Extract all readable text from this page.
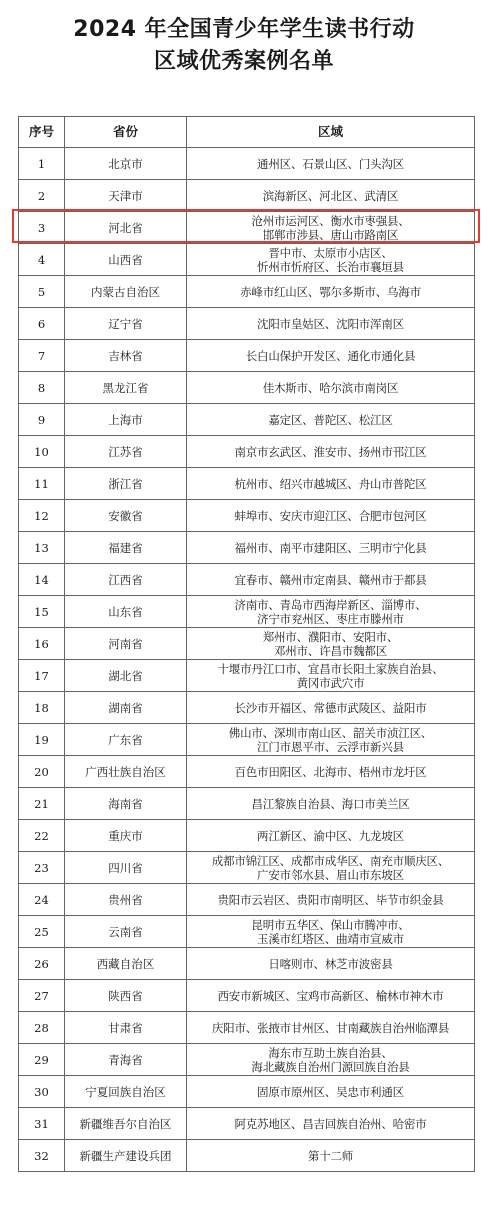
2024 年全国青少年学生读书行动
区域优秀案例名单
序号	省份	区域
1	北京市	通州区、石景山区、门头沟区

2	天津市	滨海新区、河北区、武清区

3	河北省	沧州市运河区、衡水市枣强县、
邯郸市涉县、唐山市路南区

4	山西省	晋中市、太原市小店区、
忻州市忻府区、长治市襄垣县

5	内蒙古自治区	赤峰市红山区、鄂尔多斯市、乌海市

6	辽宁省	沈阳市皇姑区、沈阳市浑南区

7	吉林省	长白山保护开发区、通化市通化县

8	黑龙江省	佳木斯市、哈尔滨市南岗区

9	上海市	嘉定区、普陀区、松江区

10	江苏省	南京市玄武区、淮安市、扬州市邗江区

11	浙江省	杭州市、绍兴市越城区、舟山市普陀区

12	安徽省	蚌埠市、安庆市迎江区、合肥市包河区

13	福建省	福州市、南平市建阳区、三明市宁化县

14	江西省	宜春市、赣州市定南县、赣州市于都县

15	山东省	济南市、青岛市西海岸新区、淄博市、
济宁市兖州区、枣庄市滕州市

16	河南省	郑州市、濮阳市、安阳市、
邓州市、许昌市魏都区

17	湖北省	十堰市丹江口市、宜昌市长阳土家族自治县、
黄冈市武穴市

18	湖南省	长沙市开福区、常德市武陵区、益阳市

19	广东省	佛山市、深圳市南山区、韶关市浈江区、
江门市恩平市、云浮市新兴县

20	广西壮族自治区	百色市田阳区、北海市、梧州市龙圩区

21	海南省	昌江黎族自治县、海口市美兰区

22	重庆市	两江新区、渝中区、九龙坡区

23	四川省	成都市锦江区、成都市成华区、南充市顺庆区、
广安市邻水县、眉山市东坡区

24	贵州省	贵阳市云岩区、贵阳市南明区、毕节市织金县

25	云南省	昆明市五华区、保山市腾冲市、
玉溪市红塔区、曲靖市宣威市

26	西藏自治区	日喀则市、林芝市波密县

27	陕西省	西安市新城区、宝鸡市高新区、榆林市神木市

28	甘肃省	庆阳市、张掖市甘州区、甘南藏族自治州临潭县

29	青海省	海东市互助土族自治县、
海北藏族自治州门源回族自治县

30	宁夏回族自治区	固原市原州区、吴忠市利通区

31	新疆维吾尔自治区	阿克苏地区、昌吉回族自治州、哈密市

32	新疆生产建设兵团	第十二师
